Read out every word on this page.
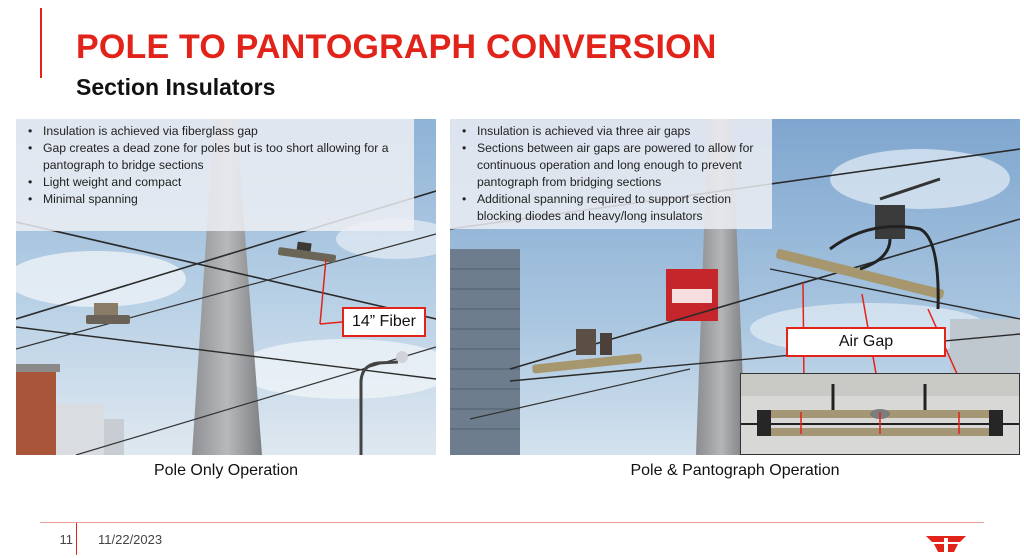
POLE TO PANTOGRAPH CONVERSION
Section Insulators
• Insulation is achieved via fiberglass gap
• Gap creates a dead zone for poles but is too short allowing for a pantograph to bridge sections
• Light weight and compact
• Minimal spanning
14” Fiber
• Insulation is achieved via three air gaps
• Sections between air gaps are powered to allow for continuous operation and long enough to prevent pantograph from bridging sections
• Additional spanning required to support section blocking diodes and heavy/long insulators
Air Gap
Pole Only Operation	Pole & Pantograph Operation
11 11/22/2023
